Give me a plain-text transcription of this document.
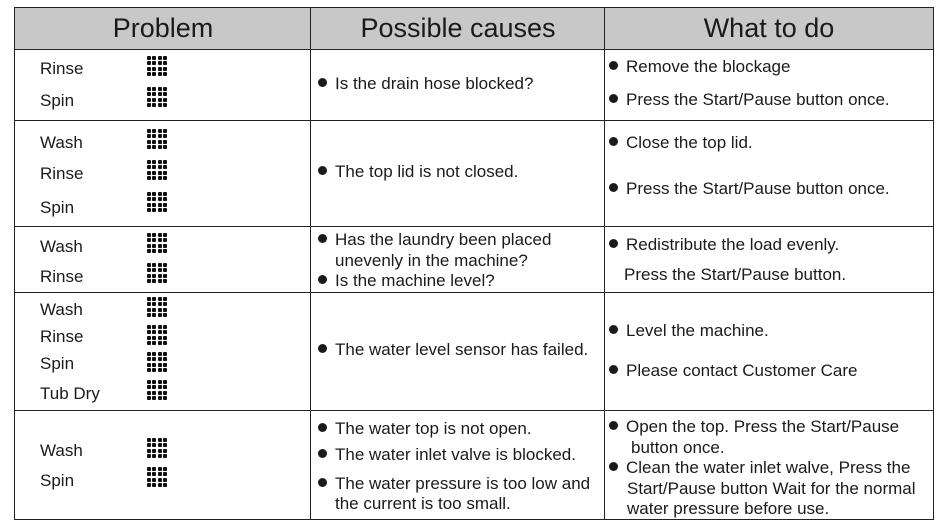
Problem	Possible causes	What to do
Rinse
Spin
Is the drain hose blocked?
Remove the blockage
Press the Start/Pause button once.
Wash
Rinse
Spin
The top lid is not closed.
Close the top lid.
Press the Start/Pause button once.
Wash
Rinse
Has the laundry been placed
unevenly in the machine?
Is the machine level?
Redistribute the load evenly.
Press the Start/Pause button.
Wash
Rinse
Spin
Tub Dry
The water level sensor has failed.
Level the machine.
Please contact Customer Care
Wash
Spin
The water top is not open.
The water inlet valve is blocked.
The water pressure is too low and
the current is too small.
Open the top. Press the Start/Pause
button once.
Clean the water inlet walve, Press the
Start/Pause button Wait for the normal
water pressure before use.
